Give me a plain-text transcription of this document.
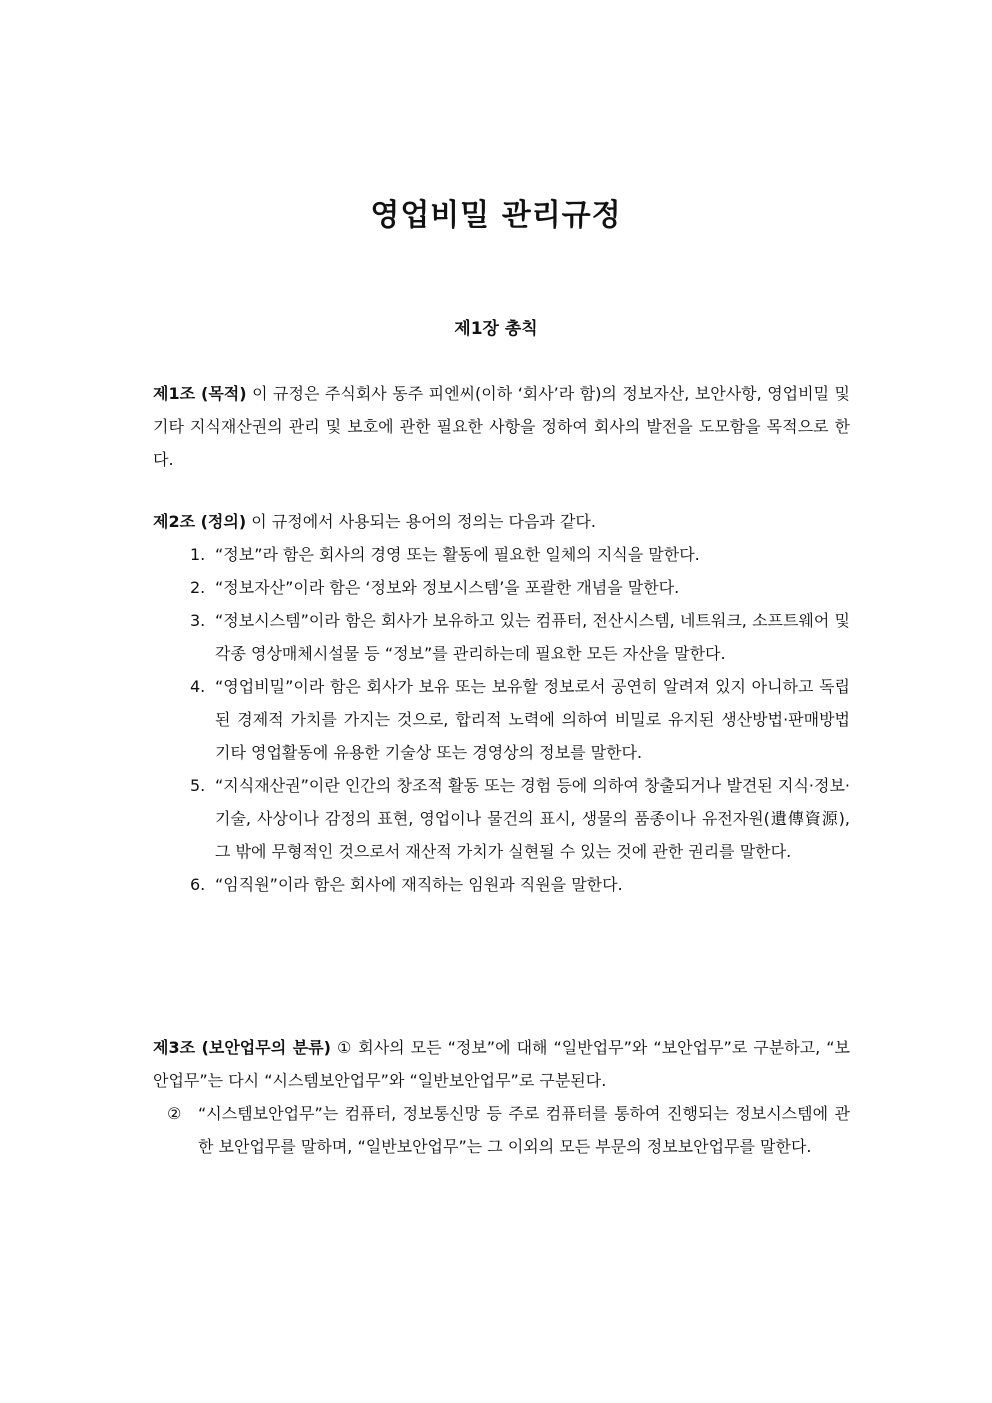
영업비밀 관리규정
제1장 총칙
제1조 (목적) 이 규정은 주식회사 동주 피엔씨(이하 ‘회사’라 함)의 정보자산, 보안사항, 영업비밀 및 기타 지식재산권의 관리 및 보호에 관한 필요한 사항을 정하여 회사의 발전을 도모함을 목적으로 한다.
제2조 (정의) 이 규정에서 사용되는 용어의 정의는 다음과 같다.
1. “정보”라 함은 회사의 경영 또는 활동에 필요한 일체의 지식을 말한다.
2. “정보자산”이라 함은 ‘정보와 정보시스템’을 포괄한 개념을 말한다.
3. “정보시스템”이라 함은 회사가 보유하고 있는 컴퓨터, 전산시스템, 네트워크, 소프트웨어 및 각종 영상매체시설물 등 “정보”를 관리하는데 필요한 모든 자산을 말한다.
4. “영업비밀”이라 함은 회사가 보유 또는 보유할 정보로서 공연히 알려져 있지 아니하고 독립된 경제적 가치를 가지는 것으로, 합리적 노력에 의하여 비밀로 유지된 생산방법·판매방법 기타 영업활동에 유용한 기술상 또는 경영상의 정보를 말한다.
5. “지식재산권”이란 인간의 창조적 활동 또는 경험 등에 의하여 창출되거나 발견된 지식·정보·기술, 사상이나 감정의 표현, 영업이나 물건의 표시, 생물의 품종이나 유전자원(遺傳資源), 그 밖에 무형적인 것으로서 재산적 가치가 실현될 수 있는 것에 관한 권리를 말한다.
6. “임직원”이라 함은 회사에 재직하는 임원과 직원을 말한다.
제3조 (보안업무의 분류) ① 회사의 모든 “정보”에 대해 “일반업무”와 “보안업무”로 구분하고, “보안업무”는 다시 “시스템보안업무”와 “일반보안업무”로 구분된다.
② “시스템보안업무”는 컴퓨터, 정보통신망 등 주로 컴퓨터를 통하여 진행되는 정보시스템에 관한 보안업무를 말하며, “일반보안업무”는 그 이외의 모든 부문의 정보보안업무를 말한다.
